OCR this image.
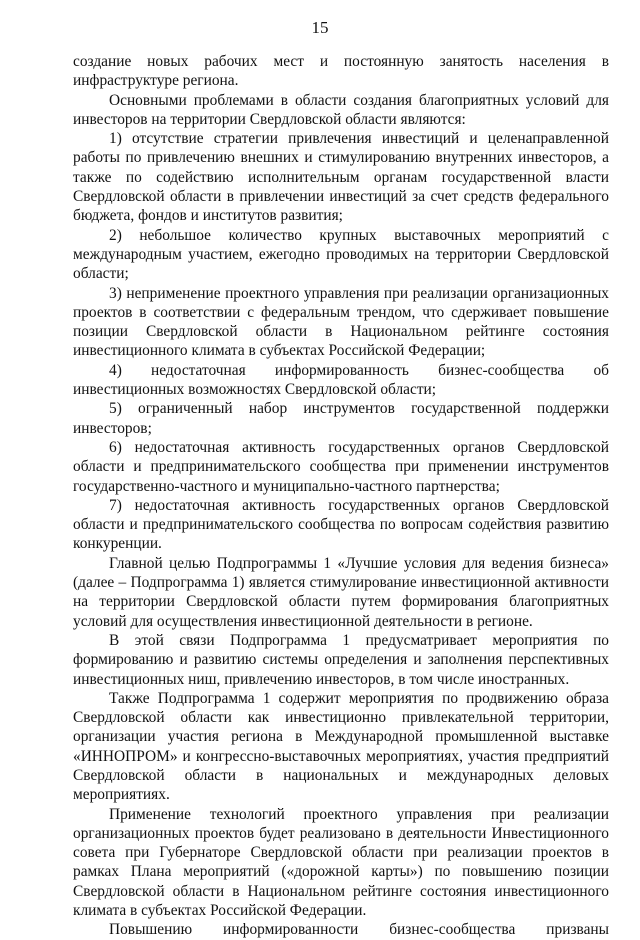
15

создание новых рабочих мест и постоянную занятость населения в инфраструктуре региона.

Основными проблемами в области создания благоприятных условий для инвесторов на территории Свердловской области являются:

1) отсутствие стратегии привлечения инвестиций и целенаправленной работы по привлечению внешних и стимулированию внутренних инвесторов, а также по содействию исполнительным органам государственной власти Свердловской области в привлечении инвестиций за счет средств федерального бюджета, фондов и институтов развития;

2) небольшое количество крупных выставочных мероприятий с международным участием, ежегодно проводимых на территории Свердловской области;

3) неприменение проектного управления при реализации организационных проектов в соответствии с федеральным трендом, что сдерживает повышение позиции Свердловской области в Национальном рейтинге состояния инвестиционного климата в субъектах Российской Федерации;

4) недостаточная информированность бизнес-сообщества об инвестиционных возможностях Свердловской области;

5) ограниченный набор инструментов государственной поддержки инвесторов;

6) недостаточная активность государственных органов Свердловской области и предпринимательского сообщества при применении инструментов государственно-частного и муниципально-частного партнерства;

7) недостаточная активность государственных органов Свердловской области и предпринимательского сообщества по вопросам содействия развитию конкуренции.

Главной целью Подпрограммы 1 «Лучшие условия для ведения бизнеса» (далее – Подпрограмма 1) является стимулирование инвестиционной активности на территории Свердловской области путем формирования благоприятных условий для осуществления инвестиционной деятельности в регионе.

В этой связи Подпрограмма 1 предусматривает мероприятия по формированию и развитию системы определения и заполнения перспективных инвестиционных ниш, привлечению инвесторов, в том числе иностранных.

Также Подпрограмма 1 содержит мероприятия по продвижению образа Свердловской области как инвестиционно привлекательной территории, организации участия региона в Международной промышленной выставке «ИННОПРОМ» и конгрессно-выставочных мероприятиях, участия предприятий Свердловской области в национальных и международных деловых мероприятиях.

Применение технологий проектного управления при реализации организационных проектов будет реализовано в деятельности Инвестиционного совета при Губернаторе Свердловской области при реализации проектов в рамках Плана мероприятий («дорожной карты») по повышению позиции Свердловской области в Национальном рейтинге состояния инвестиционного климата в субъектах Российской Федерации.

Повышению информированности бизнес-сообщества призваны
